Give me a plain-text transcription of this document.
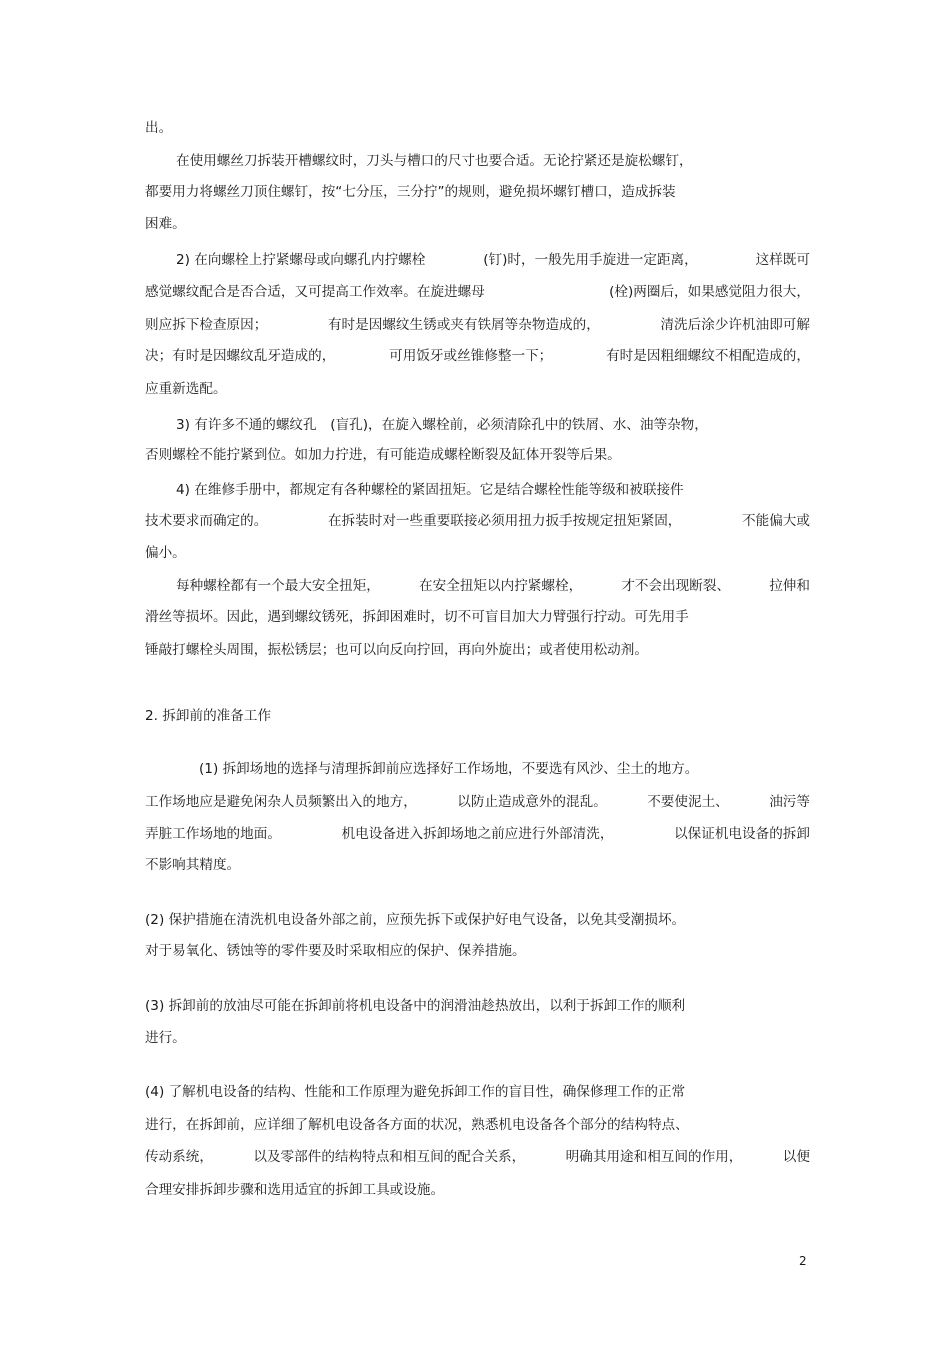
出。
在使用螺丝刀拆装开槽螺纹时，刀头与槽口的尺寸也要合适。无论拧紧还是旋松螺钉，
都要用力将螺丝刀顶住螺钉，按“七分压，三分拧”的规则，避免损坏螺钉槽口，造成拆装
困难。
2) 在向螺栓上拧紧螺母或向螺孔内拧螺栓	(钉)时，一般先用手旋进一定距离，	这样既可
感觉螺纹配合是否合适，又可提高工作效率。在旋进螺母	(栓)两圈后，如果感觉阻力很大，
则应拆下检查原因；	有时是因螺纹生锈或夹有铁屑等杂物造成的，	清洗后涂少许机油即可解
决；有时是因螺纹乱牙造成的，	可用饭牙或丝锥修整一下；	有时是因粗细螺纹不相配造成的，
应重新选配。
3) 有许多不通的螺纹孔　(盲孔)，在旋入螺栓前，必须清除孔中的铁屑、水、油等杂物，
否则螺栓不能拧紧到位。如加力拧进，有可能造成螺栓断裂及缸体开裂等后果。
4) 在维修手册中，都规定有各种螺栓的紧固扭矩。它是结合螺栓性能等级和被联接件
技术要求而确定的。	在拆装时对一些重要联接必须用扭力扳手按规定扭矩紧固，	不能偏大或
偏小。
每种螺栓都有一个最大安全扭矩，	在安全扭矩以内拧紧螺栓，	才不会出现断裂、	拉伸和
滑丝等损坏。因此，遇到螺纹锈死，拆卸困难时，切不可盲目加大力臂强行拧动。可先用手
锤敲打螺栓头周围，振松锈层；也可以向反向拧回，再向外旋出；或者使用松动剂。
2. 拆卸前的准备工作
(1) 拆卸场地的选择与清理拆卸前应选择好工作场地，不要选有风沙、尘土的地方。
工作场地应是避免闲杂人员频繁出入的地方，	以防止造成意外的混乱。	不要使泥土、	油污等
弄脏工作场地的地面。	机电设备进入拆卸场地之前应进行外部清洗，	以保证机电设备的拆卸
不影响其精度。
(2) 保护措施在清洗机电设备外部之前，应预先拆下或保护好电气设备，以免其受潮损坏。
对于易氧化、锈蚀等的零件要及时采取相应的保护、保养措施。
(3) 拆卸前的放油尽可能在拆卸前将机电设备中的润滑油趁热放出，以利于拆卸工作的顺利
进行。
(4) 了解机电设备的结构、性能和工作原理为避免拆卸工作的盲目性，确保修理工作的正常
进行，在拆卸前，应详细了解机电设备各方面的状况，熟悉机电设备各个部分的结构特点、
传动系统，	以及零部件的结构特点和相互间的配合关系，	明确其用途和相互间的作用，	以便
合理安排拆卸步骤和选用适宜的拆卸工具或设施。
2
